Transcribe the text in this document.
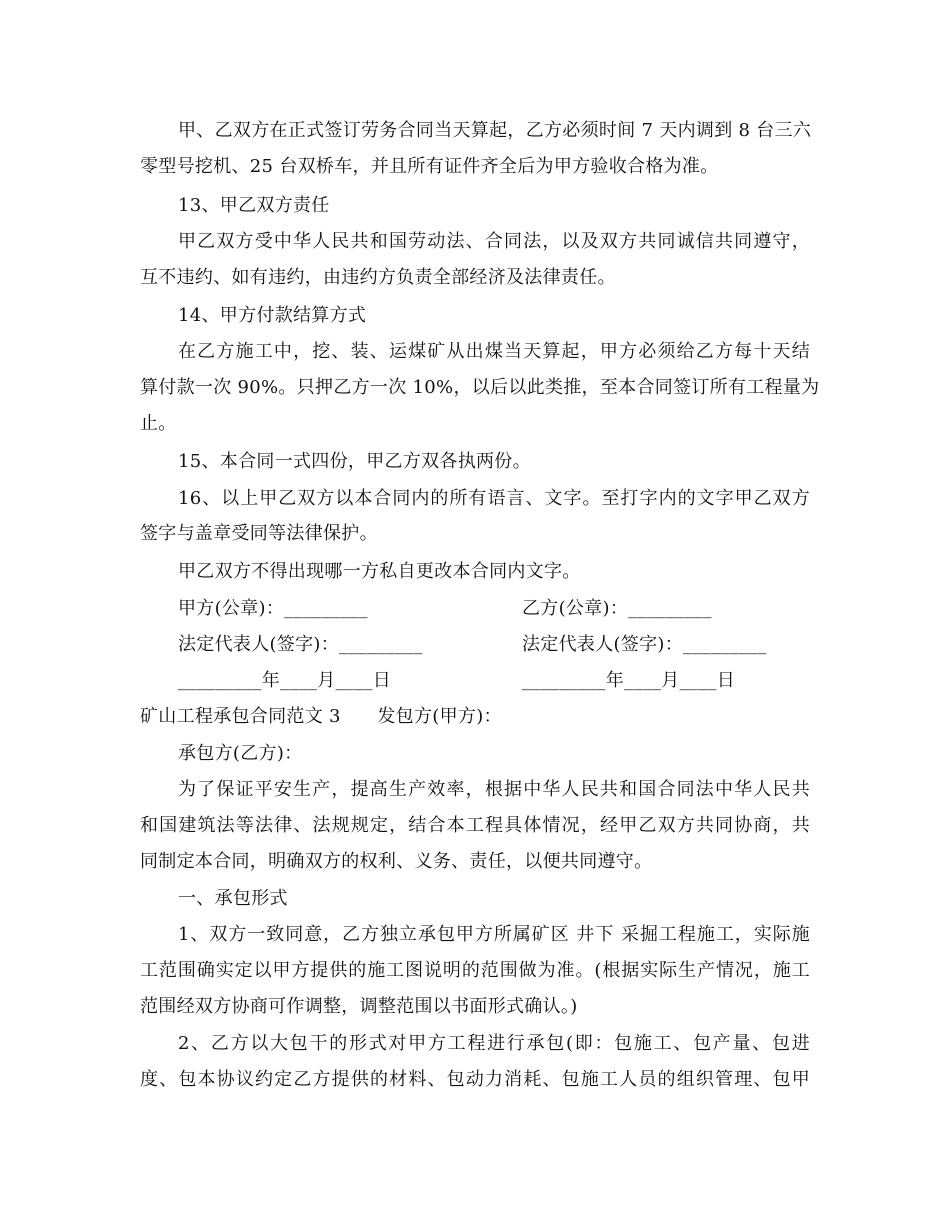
甲、乙双方在正式签订劳务合同当天算起，乙方必须时间 7 天内调到 8 台三六
零型号挖机、25 台双桥车，并且所有证件齐全后为甲方验收合格为准。
13、甲乙双方责任
甲乙双方受中华人民共和国劳动法、合同法，以及双方共同诚信共同遵守，
互不违约、如有违约，由违约方负责全部经济及法律责任。
14、甲方付款结算方式
在乙方施工中，挖、装、运煤矿从出煤当天算起，甲方必须给乙方每十天结
算付款一次 90%。只押乙方一次 10%，以后以此类推，至本合同签订所有工程量为
止。
15、本合同一式四份，甲乙方双各执两份。
16、以上甲乙双方以本合同内的所有语言、文字。至打字内的文字甲乙双方
签字与盖章受同等法律保护。
甲乙双方不得出现哪一方私自更改本合同内文字。
甲方(公章)：_________	乙方(公章)：_________
法定代表人(签字)：_________	法定代表人(签字)：_________
_________年____月____日	_________年____月____日
矿山工程承包合同范文 3　　发包方(甲方)：
承包方(乙方)：
为了保证平安生产，提高生产效率，根据中华人民共和国合同法中华人民共
和国建筑法等法律、法规规定，结合本工程具体情况，经甲乙双方共同协商，共
同制定本合同，明确双方的权利、义务、责任，以便共同遵守。
一、承包形式
1、双方一致同意，乙方独立承包甲方所属矿区 井下 采掘工程施工，实际施
工范围确实定以甲方提供的施工图说明的范围做为准。(根据实际生产情况，施工
范围经双方协商可作调整，调整范围以书面形式确认。)
2、乙方以大包干的形式对甲方工程进行承包(即：包施工、包产量、包进
度、包本协议约定乙方提供的材料、包动力消耗、包施工人员的组织管理、包甲
